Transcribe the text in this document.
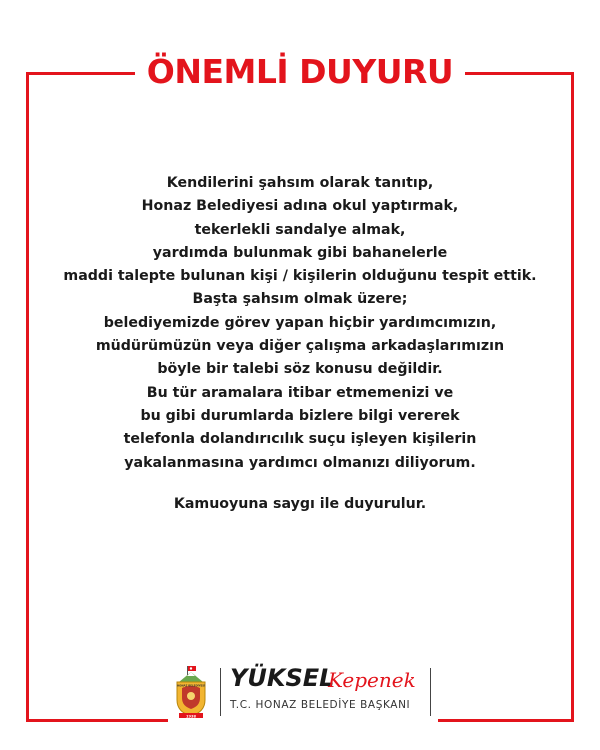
ÖNEMLİ DUYURU
Kendilerini şahsım olarak tanıtıp,
Honaz Belediyesi adına okul yaptırmak,
tekerlekli sandalye almak,
yardımda bulunmak gibi bahanelerle
maddi talepte bulunan kişi / kişilerin olduğunu tespit ettik.
Başta şahsım olmak üzere;
belediyemizde görev yapan hiçbir yardımcımızın,
müdürümüzün veya diğer çalışma arkadaşlarımızın
böyle bir talebi söz konusu değildir.
Bu tür aramalara itibar etmemenizi ve
bu gibi durumlarda bizlere bilgi vererek
telefonla dolandırıcılık suçu işleyen kişilerin
yakalanmasına yardımcı olmanızı diliyorum.
Kamuoyuna saygı ile duyurulur.
1938
HONAZ BELEDİYESİ YÜKSEL
Kepenek
T.C. HONAZ BELEDİYE BAŞKANI
